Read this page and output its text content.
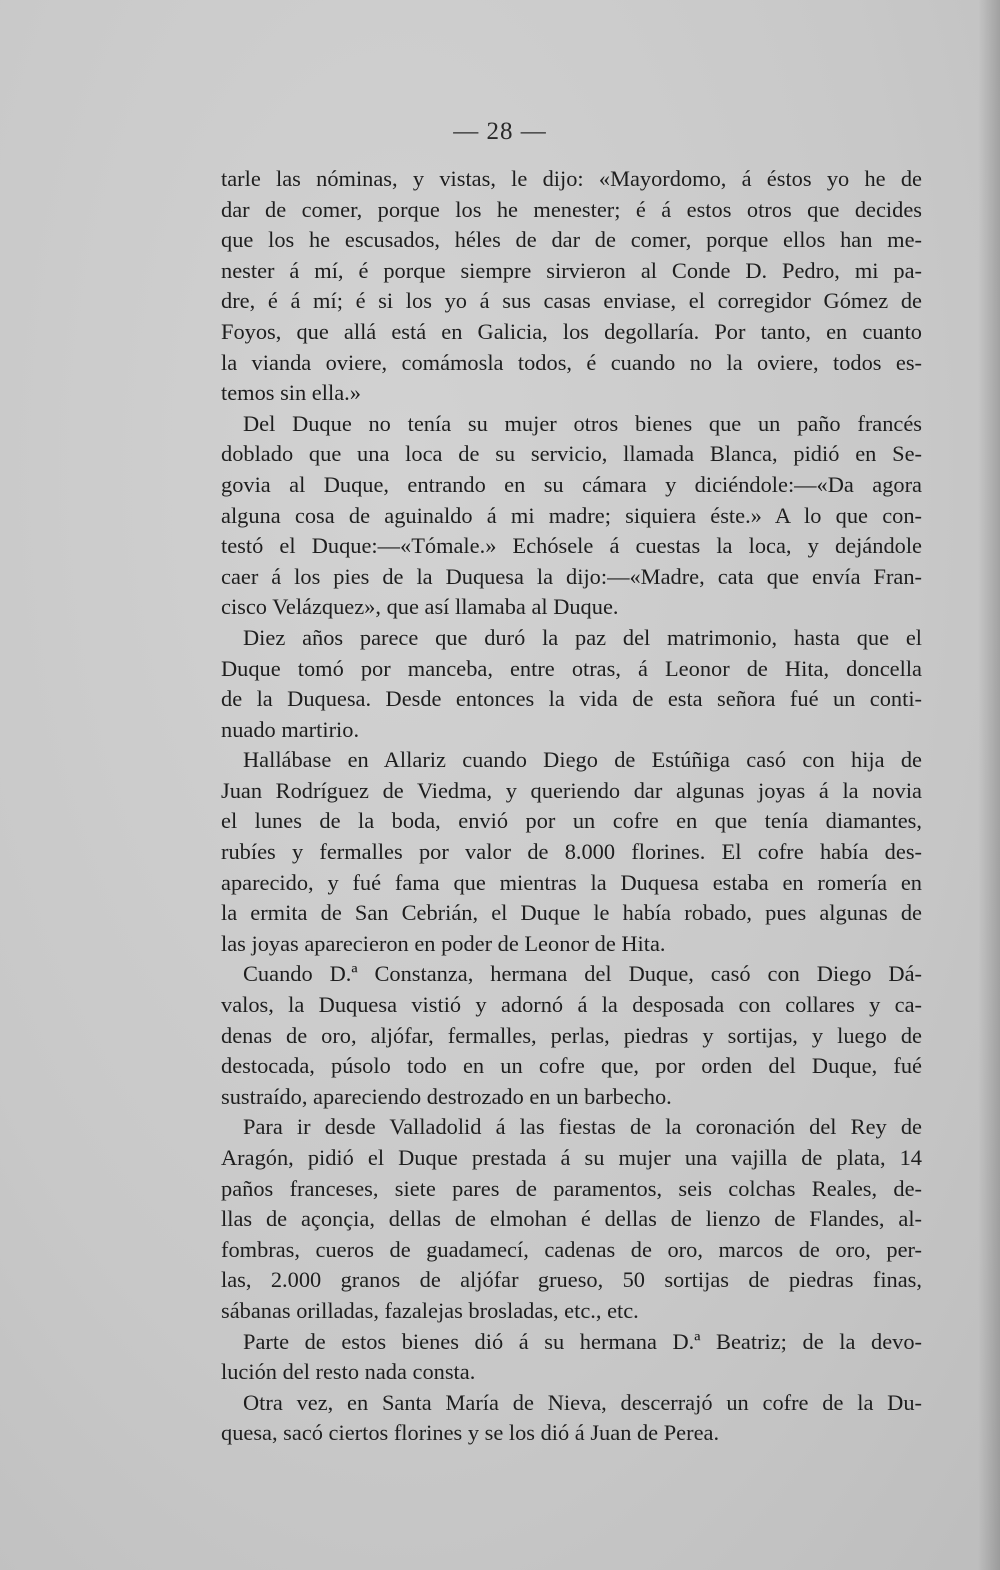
— 28 —
tarle las nóminas, y vistas, le dijo: «Mayordomo, á éstos yo he de
dar de comer, porque los he menester; é á estos otros que decides
que los he escusados, héles de dar de comer, porque ellos han me-
nester á mí, é porque siempre sirvieron al Conde D. Pedro, mi pa-
dre, é á mí; é si los yo á sus casas enviase, el corregidor Gómez de
Foyos, que allá está en Galicia, los degollaría. Por tanto, en cuanto
la vianda oviere, comámosla todos, é cuando no la oviere, todos es-
temos sin ella.»
Del Duque no tenía su mujer otros bienes que un paño francés
doblado que una loca de su servicio, llamada Blanca, pidió en Se-
govia al Duque, entrando en su cámara y diciéndole:—«Da agora
alguna cosa de aguinaldo á mi madre; siquiera éste.» A lo que con-
testó el Duque:—«Tómale.» Echósele á cuestas la loca, y dejándole
caer á los pies de la Duquesa la dijo:—«Madre, cata que envía Fran-
cisco Velázquez», que así llamaba al Duque.
Diez años parece que duró la paz del matrimonio, hasta que el
Duque tomó por manceba, entre otras, á Leonor de Hita, doncella
de la Duquesa. Desde entonces la vida de esta señora fué un conti-
nuado martirio.
Hallábase en Allariz cuando Diego de Estúñiga casó con hija de
Juan Rodríguez de Viedma, y queriendo dar algunas joyas á la novia
el lunes de la boda, envió por un cofre en que tenía diamantes,
rubíes y fermalles por valor de 8.000 florines. El cofre había des-
aparecido, y fué fama que mientras la Duquesa estaba en romería en
la ermita de San Cebrián, el Duque le había robado, pues algunas de
las joyas aparecieron en poder de Leonor de Hita.
Cuando D.ª Constanza, hermana del Duque, casó con Diego Dá-
valos, la Duquesa vistió y adornó á la desposada con collares y ca-
denas de oro, aljófar, fermalles, perlas, piedras y sortijas, y luego de
destocada, púsolo todo en un cofre que, por orden del Duque, fué
sustraído, apareciendo destrozado en un barbecho.
Para ir desde Valladolid á las fiestas de la coronación del Rey de
Aragón, pidió el Duque prestada á su mujer una vajilla de plata, 14
paños franceses, siete pares de paramentos, seis colchas Reales, de-
llas de açonçia, dellas de elmohan é dellas de lienzo de Flandes, al-
fombras, cueros de guadamecí, cadenas de oro, marcos de oro, per-
las, 2.000 granos de aljófar grueso, 50 sortijas de piedras finas,
sábanas orilladas, fazalejas brosladas, etc., etc.
Parte de estos bienes dió á su hermana D.ª Beatriz; de la devo-
lución del resto nada consta.
Otra vez, en Santa María de Nieva, descerrajó un cofre de la Du-
quesa, sacó ciertos florines y se los dió á Juan de Perea.
